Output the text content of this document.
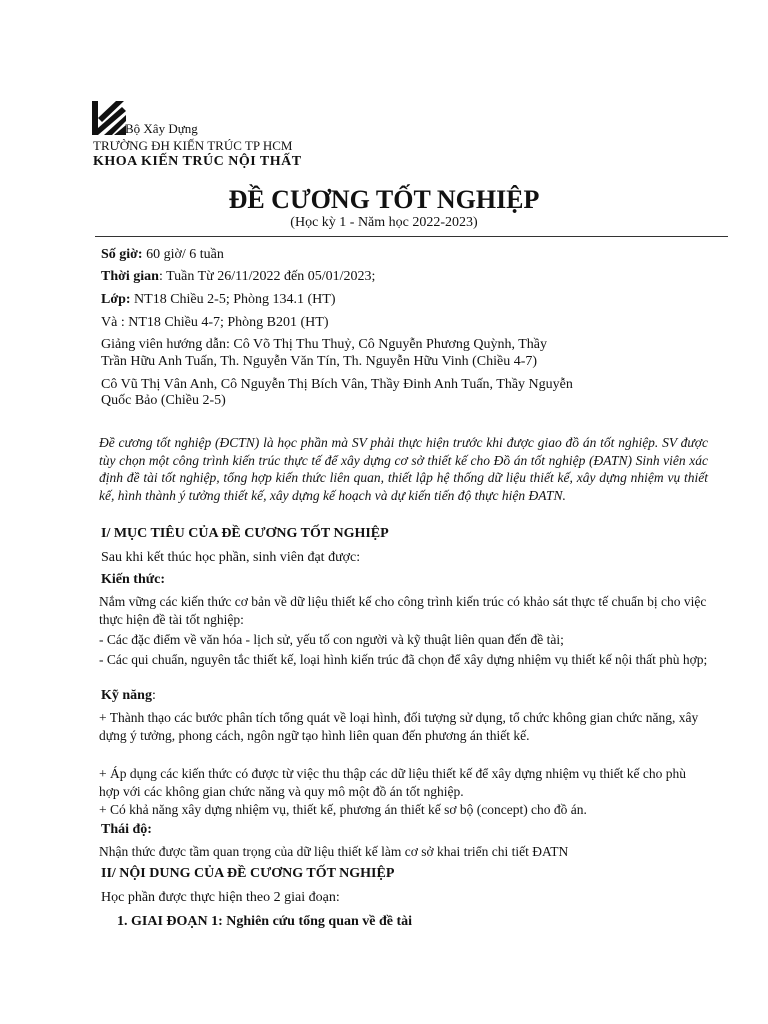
Bộ Xây Dựng
TRƯỜNG ĐH KIẾN TRÚC TP HCM
KHOA KIẾN TRÚC NỘI THẤT
ĐỀ CƯƠNG TỐT NGHIỆP
(Học kỳ 1 - Năm học 2022-2023)
Số giờ: 60 giờ/ 6 tuần
Thời gian: Tuần Từ 26/11/2022 đến 05/01/2023;
Lớp: NT18 Chiều 2-5; Phòng 134.1 (HT)
Và : NT18 Chiều 4-7; Phòng B201 (HT)
Giảng viên hướng dẫn: Cô Võ Thị Thu Thuỷ, Cô Nguyễn Phương Quỳnh, Thầy
Trần Hữu Anh Tuấn, Th. Nguyễn Văn Tín, Th. Nguyễn Hữu Vinh (Chiều 4-7)
Cô Vũ Thị Vân Anh, Cô Nguyễn Thị Bích Vân, Thầy Đinh Anh Tuấn, Thầy Nguyễn
Quốc Bảo (Chiều 2-5)
Đề cương tốt nghiệp (ĐCTN) là học phần mà SV phải thực hiện trước khi được giao đồ án tốt nghiệp. SV được tùy chọn một công trình kiến trúc thực tế để xây dựng cơ sở thiết kế cho Đồ án tốt nghiệp (ĐATN) Sinh viên xác định đề tài tốt nghiệp, tổng hợp kiến thức liên quan, thiết lập hệ thống dữ liệu thiết kế, xây dựng nhiệm vụ thiết kế, hình thành ý tưởng thiết kế, xây dựng kế hoạch và dự kiến tiến độ thực hiện ĐATN.
I/ MỤC TIÊU CỦA ĐỀ CƯƠNG TỐT NGHIỆP
Sau khi kết thúc học phần, sinh viên đạt được:
Kiến thức:
Nắm vững các kiến thức cơ bản về dữ liệu thiết kế cho công trình kiến trúc có khảo sát thực tế chuẩn bị cho việc thực hiện đề tài tốt nghiệp:
- Các đặc điểm về văn hóa - lịch sử, yếu tố con người và kỹ thuật liên quan đến đề tài;
- Các qui chuẩn, nguyên tắc thiết kế, loại hình kiến trúc đã chọn để xây dựng nhiệm vụ thiết kế nội thất phù hợp;
Kỹ năng:
+ Thành thạo các bước phân tích tổng quát về loại hình, đối tượng sử dụng, tổ chức không gian chức năng, xây dựng ý tưởng, phong cách, ngôn ngữ tạo hình liên quan đến phương án thiết kế.
+ Áp dụng các kiến thức có được từ việc thu thập các dữ liệu thiết kế để xây dựng nhiệm vụ thiết kế cho phù hợp với các không gian chức năng và quy mô một đồ án tốt nghiệp.
+ Có khả năng xây dựng nhiệm vụ, thiết kế, phương án thiết kế sơ bộ (concept) cho đồ án.
Thái độ:
Nhận thức được tầm quan trọng của dữ liệu thiết kế làm cơ sở khai triển chi tiết ĐATN
II/ NỘI DUNG CỦA ĐỀ CƯƠNG TỐT NGHIỆP
Học phần được thực hiện theo 2 giai đoạn:
1. GIAI ĐOẠN 1: Nghiên cứu tổng quan về đề tài
